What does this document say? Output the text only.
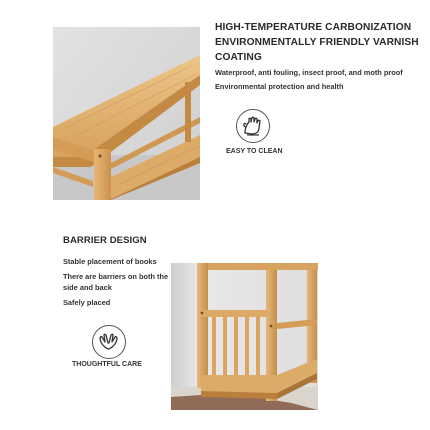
HIGH-TEMPERATURE CARBONIZATION
ENVIRONMENTALLY FRIENDLY VARNISH
COATING
Waterproof, anti fouling, insect proof, and moth proof
Environmental protection and health
EASY TO CLEAN
BARRIER DESIGN
Stable placement of books
There are barriers on both the side and back
Safely placed
THOUGHTFUL CARE
